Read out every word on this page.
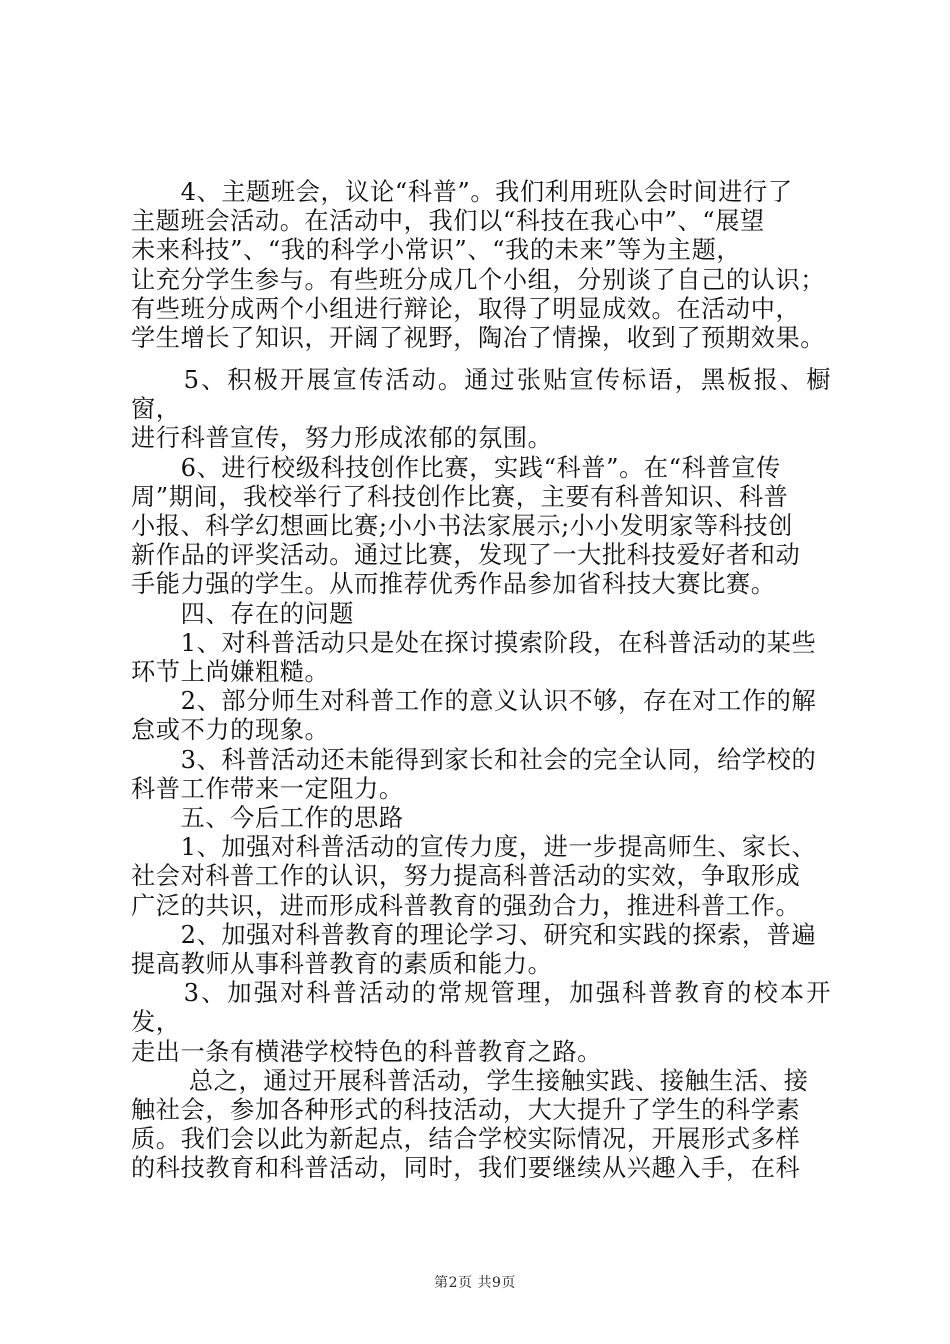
　　4、主题班会，议论“科普”。我们利用班队会时间进行了
主题班会活动。在活动中，我们以“科技在我心中”、“展望
未来科技”、“我的科学小常识”、“我的未来”等为主题，
让充分学生参与。有些班分成几个小组，分别谈了自己的认识；
有些班分成两个小组进行辩论，取得了明显成效。在活动中，
学生增长了知识，开阔了视野，陶冶了情操，收到了预期效果。
　　5、积极开展宣传活动。通过张贴宣传标语，黑板报、橱窗，
进行科普宣传，努力形成浓郁的氛围。
　　6、进行校级科技创作比赛，实践“科普”。在“科普宣传
周”期间，我校举行了科技创作比赛，主要有科普知识、科普
小报、科学幻想画比赛;小小书法家展示;小小发明家等科技创
新作品的评奖活动。通过比赛，发现了一大批科技爱好者和动
手能力强的学生。从而推荐优秀作品参加省科技大赛比赛。
　　四、存在的问题
　　1、对科普活动只是处在探讨摸索阶段，在科普活动的某些
环节上尚嫌粗糙。
　　2、部分师生对科普工作的意义认识不够，存在对工作的解
怠或不力的现象。
　　3、科普活动还未能得到家长和社会的完全认同，给学校的
科普工作带来一定阻力。
　　五、今后工作的思路
　　1、加强对科普活动的宣传力度，进一步提高师生、家长、
社会对科普工作的认识，努力提高科普活动的实效，争取形成
广泛的共识，进而形成科普教育的强劲合力，推进科普工作。
　　2、加强对科普教育的理论学习、研究和实践的探索，普遍
提高教师从事科普教育的素质和能力。
　　3、加强对科普活动的常规管理，加强科普教育的校本开发，
走出一条有横港学校特色的科普教育之路。
　　 总之，通过开展科普活动，学生接触实践、接触生活、接
触社会，参加各种形式的科技活动，大大提升了学生的科学素
质。我们会以此为新起点，结合学校实际情况，开展形式多样
的科技教育和科普活动，同时，我们要继续从兴趣入手，在科
第2页 共9页
